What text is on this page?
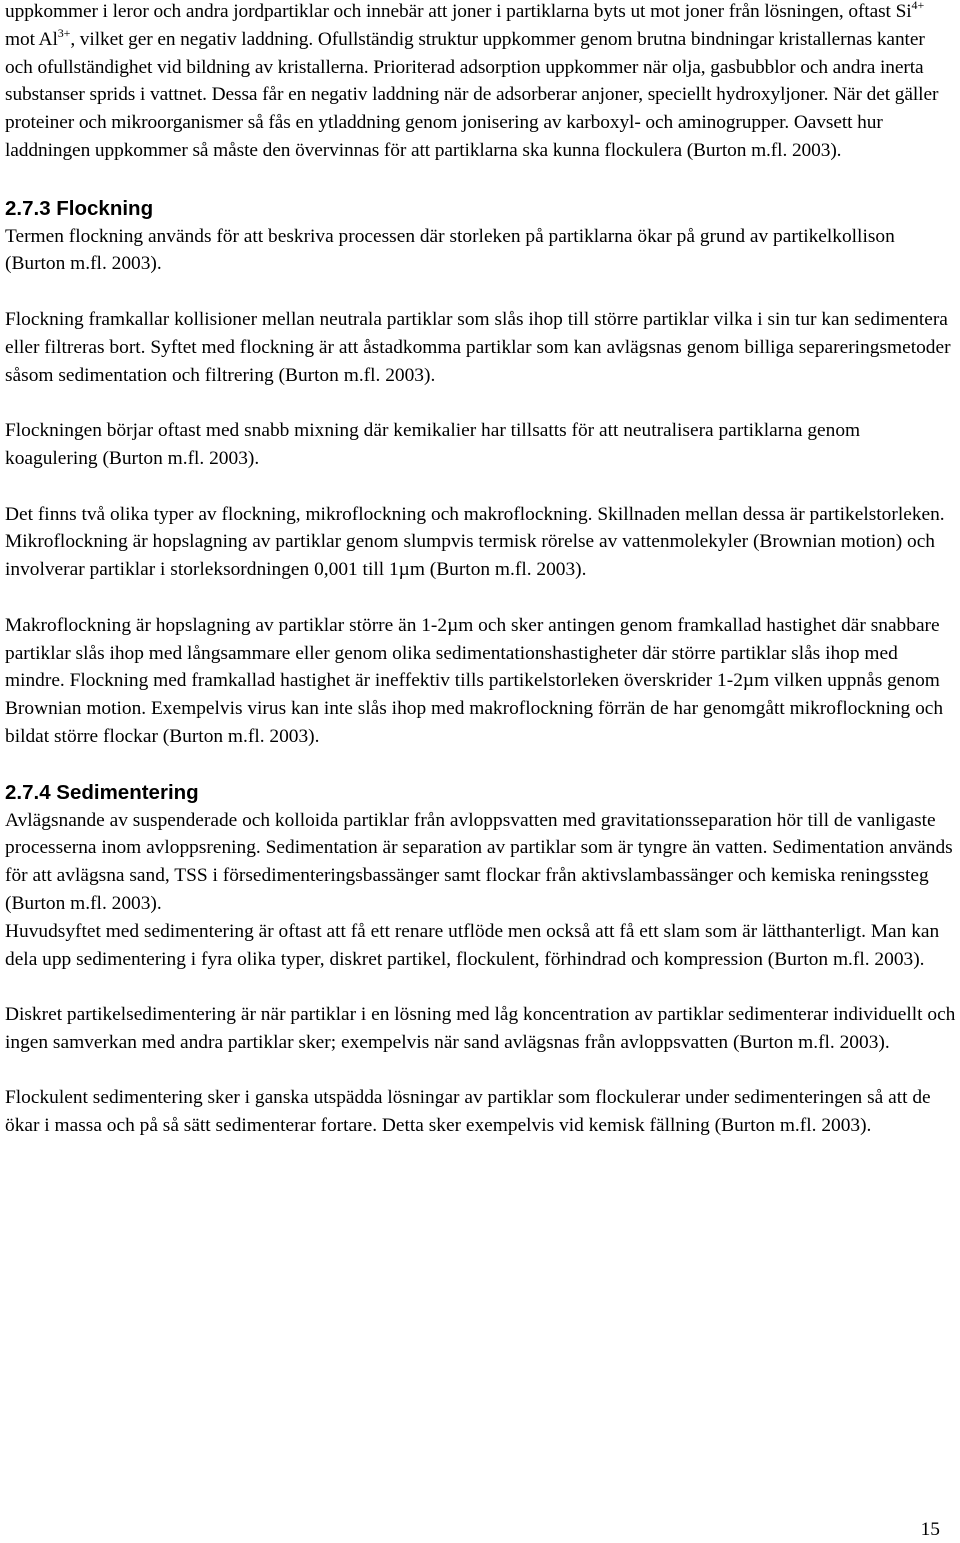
uppkommer i leror och andra jordpartiklar och innebär att joner i partiklarna byts ut mot joner från lösningen, oftast $Si^{4+}$ mot $Al^{3+}$, vilket ger en negativ laddning. Ofullständig struktur uppkommer genom brutna bindningar kristallernas kanter och ofullständighet vid bildning av kristallerna. Prioriterad adsorption uppkommer när olja, gasbubblor och andra inerta substanser sprids i vattnet. Dessa får en negativ laddning när de adsorberar anjoner, speciellt hydroxyljoner. När det gäller proteiner och mikroorganismer så fås en ytladdning genom jonisering av karboxyl- och aminogrupper. Oavsett hur laddningen uppkommer så måste den övervinnas för att partiklarna ska kunna flockulera (Burton m.fl. 2003).

2.7.3 Flockning

Termen flockning används för att beskriva processen där storleken på partiklarna ökar på grund av partikelkollison (Burton m.fl. 2003).

Flockning framkallar kollisioner mellan neutrala partiklar som slås ihop till större partiklar vilka i sin tur kan sedimentera eller filtreras bort. Syftet med flockning är att åstadkomma partiklar som kan avlägsnas genom billiga separeringsmetoder såsom sedimentation och filtrering (Burton m.fl. 2003).

Flockningen börjar oftast med snabb mixning där kemikalier har tillsatts för att neutralisera partiklarna genom koagulering (Burton m.fl. 2003).

Det finns två olika typer av flockning, mikroflockning och makroflockning. Skillnaden mellan dessa är partikelstorleken. Mikroflockning är hopslagning av partiklar genom slumpvis termisk rörelse av vattenmolekyler (Brownian motion) och involverar partiklar i storleksordningen 0,001 till 1µm (Burton m.fl. 2003).

Makroflockning är hopslagning av partiklar större än 1-2µm och sker antingen genom framkallad hastighet där snabbare partiklar slås ihop med långsammare eller genom olika sedimentationshastigheter där större partiklar slås ihop med mindre. Flockning med framkallad hastighet är ineffektiv tills partikelstorleken överskrider 1-2µm vilken uppnås genom Brownian motion. Exempelvis virus kan inte slås ihop med makroflockning förrän de har genomgått mikroflockning och bildat större flockar (Burton m.fl. 2003).

2.7.4 Sedimentering

Avlägsnande av suspenderade och kolloida partiklar från avloppsvatten med gravitationsseparation hör till de vanligaste processerna inom avloppsrening. Sedimentation är separation av partiklar som är tyngre än vatten. Sedimentation används för att avlägsna sand, TSS i försedimenteringsbassänger samt flockar från aktivslambassänger och kemiska reningssteg (Burton m.fl. 2003).

Huvudsyftet med sedimentering är oftast att få ett renare utflöde men också att få ett slam som är lätthanterligt. Man kan dela upp sedimentering i fyra olika typer, diskret partikel, flockulent, förhindrad och kompression (Burton m.fl. 2003).

Diskret partikelsedimentering är när partiklar i en lösning med låg koncentration av partiklar sedimenterar individuellt och ingen samverkan med andra partiklar sker; exempelvis när sand avlägsnas från avloppsvatten (Burton m.fl. 2003).

Flockulent sedimentering sker i ganska utspädda lösningar av partiklar som flockulerar under sedimenteringen så att de ökar i massa och på så sätt sedimenterar fortare. Detta sker exempelvis vid kemisk fällning (Burton m.fl. 2003).

15
